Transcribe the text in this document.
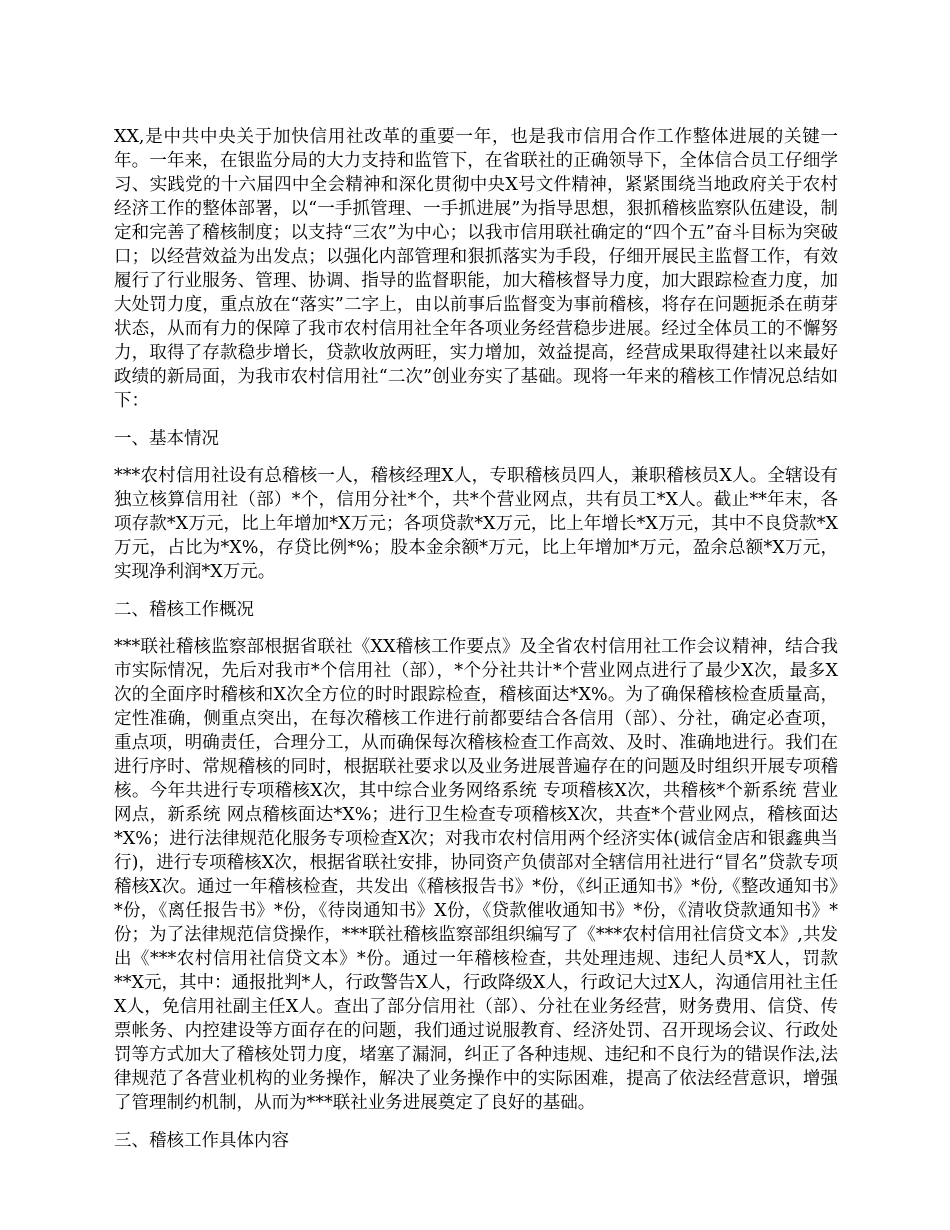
XX,是中共中央关于加快信用社改革的重要一年，也是我市信用合作工作整体进展的关键一年。一年来，在银监分局的大力支持和监管下，在省联社的正确领导下，全体信合员工仔细学习、实践党的十六届四中全会精神和深化贯彻中央X号文件精神，紧紧围绕当地政府关于农村经济工作的整体部署，以“一手抓管理、一手抓进展”为指导思想，狠抓稽核监察队伍建设，制定和完善了稽核制度；以支持“三农”为中心；以我市信用联社确定的“四个五”奋斗目标为突破口；以经营效益为出发点；以强化内部管理和狠抓落实为手段，仔细开展民主监督工作，有效履行了行业服务、管理、协调、指导的监督职能，加大稽核督导力度，加大跟踪检查力度，加大处罚力度，重点放在“落实”二字上，由以前事后监督变为事前稽核，将存在问题扼杀在萌芽状态，从而有力的保障了我市农村信用社全年各项业务经营稳步进展。经过全体员工的不懈努力，取得了存款稳步增长，贷款收放两旺，实力增加，效益提高，经营成果取得建社以来最好政绩的新局面，为我市农村信用社“二次”创业夯实了基础。现将一年来的稽核工作情况总结如下：

一、基本情况

***农村信用社设有总稽核一人，稽核经理X人，专职稽核员四人，兼职稽核员X人。全辖设有独立核算信用社（部）*个，信用分社*个，共*个营业网点，共有员工*X人。截止**年末，各项存款*X万元，比上年增加*X万元；各项贷款*X万元，比上年增长*X万元，其中不良贷款*X万元，占比为*X%，存贷比例*%；股本金余额*万元，比上年增加*万元，盈余总额*X万元，实现净利润*X万元。

二、稽核工作概况

***联社稽核监察部根据省联社《XX稽核工作要点》及全省农村信用社工作会议精神，结合我市实际情况，先后对我市*个信用社（部），*个分社共计*个营业网点进行了最少X次，最多X次的全面序时稽核和X次全方位的时时跟踪检查，稽核面达*X%。为了确保稽核检查质量高，定性准确，侧重点突出，在每次稽核工作进行前都要结合各信用（部）、分社，确定必查项，重点项，明确责任，合理分工，从而确保每次稽核检查工作高效、及时、准确地进行。我们在进行序时、常规稽核的同时，根据联社要求以及业务进展普遍存在的问题及时组织开展专项稽核。今年共进行专项稽核X次，其中综合业务网络系统 专项稽核X次，共稽核*个新系统 营业网点，新系统 网点稽核面达*X%；进行卫生检查专项稽核X次，共查*个营业网点，稽核面达*X%；进行法律规范化服务专项检查X次；对我市农村信用两个经济实体(诚信金店和银鑫典当行)，进行专项稽核X次，根据省联社安排，协同资产负债部对全辖信用社进行“冒名”贷款专项稽核X次。通过一年稽核检查，共发出《稽核报告书》*份，《纠正通知书》*份,《整改通知书》*份，《离任报告书》*份，《待岗通知书》X份，《贷款催收通知书》*份，《清收贷款通知书》*份；为了法律规范信贷操作，***联社稽核监察部组织编写了《***农村信用社信贷文本》,共发出《***农村信用社信贷文本》*份。通过一年稽核检查，共处理违规、违纪人员*X人，罚款**X元，其中：通报批判*人，行政警告X人，行政降级X人，行政记大过X人，沟通信用社主任X人，免信用社副主任X人。查出了部分信用社（部）、分社在业务经营，财务费用、信贷、传票帐务、内控建设等方面存在的问题，我们通过说服教育、经济处罚、召开现场会议、行政处罚等方式加大了稽核处罚力度，堵塞了漏洞，纠正了各种违规、违纪和不良行为的错误作法,法律规范了各营业机构的业务操作，解决了业务操作中的实际困难，提高了依法经营意识，增强了管理制约机制，从而为***联社业务进展奠定了良好的基础。

三、稽核工作具体内容
